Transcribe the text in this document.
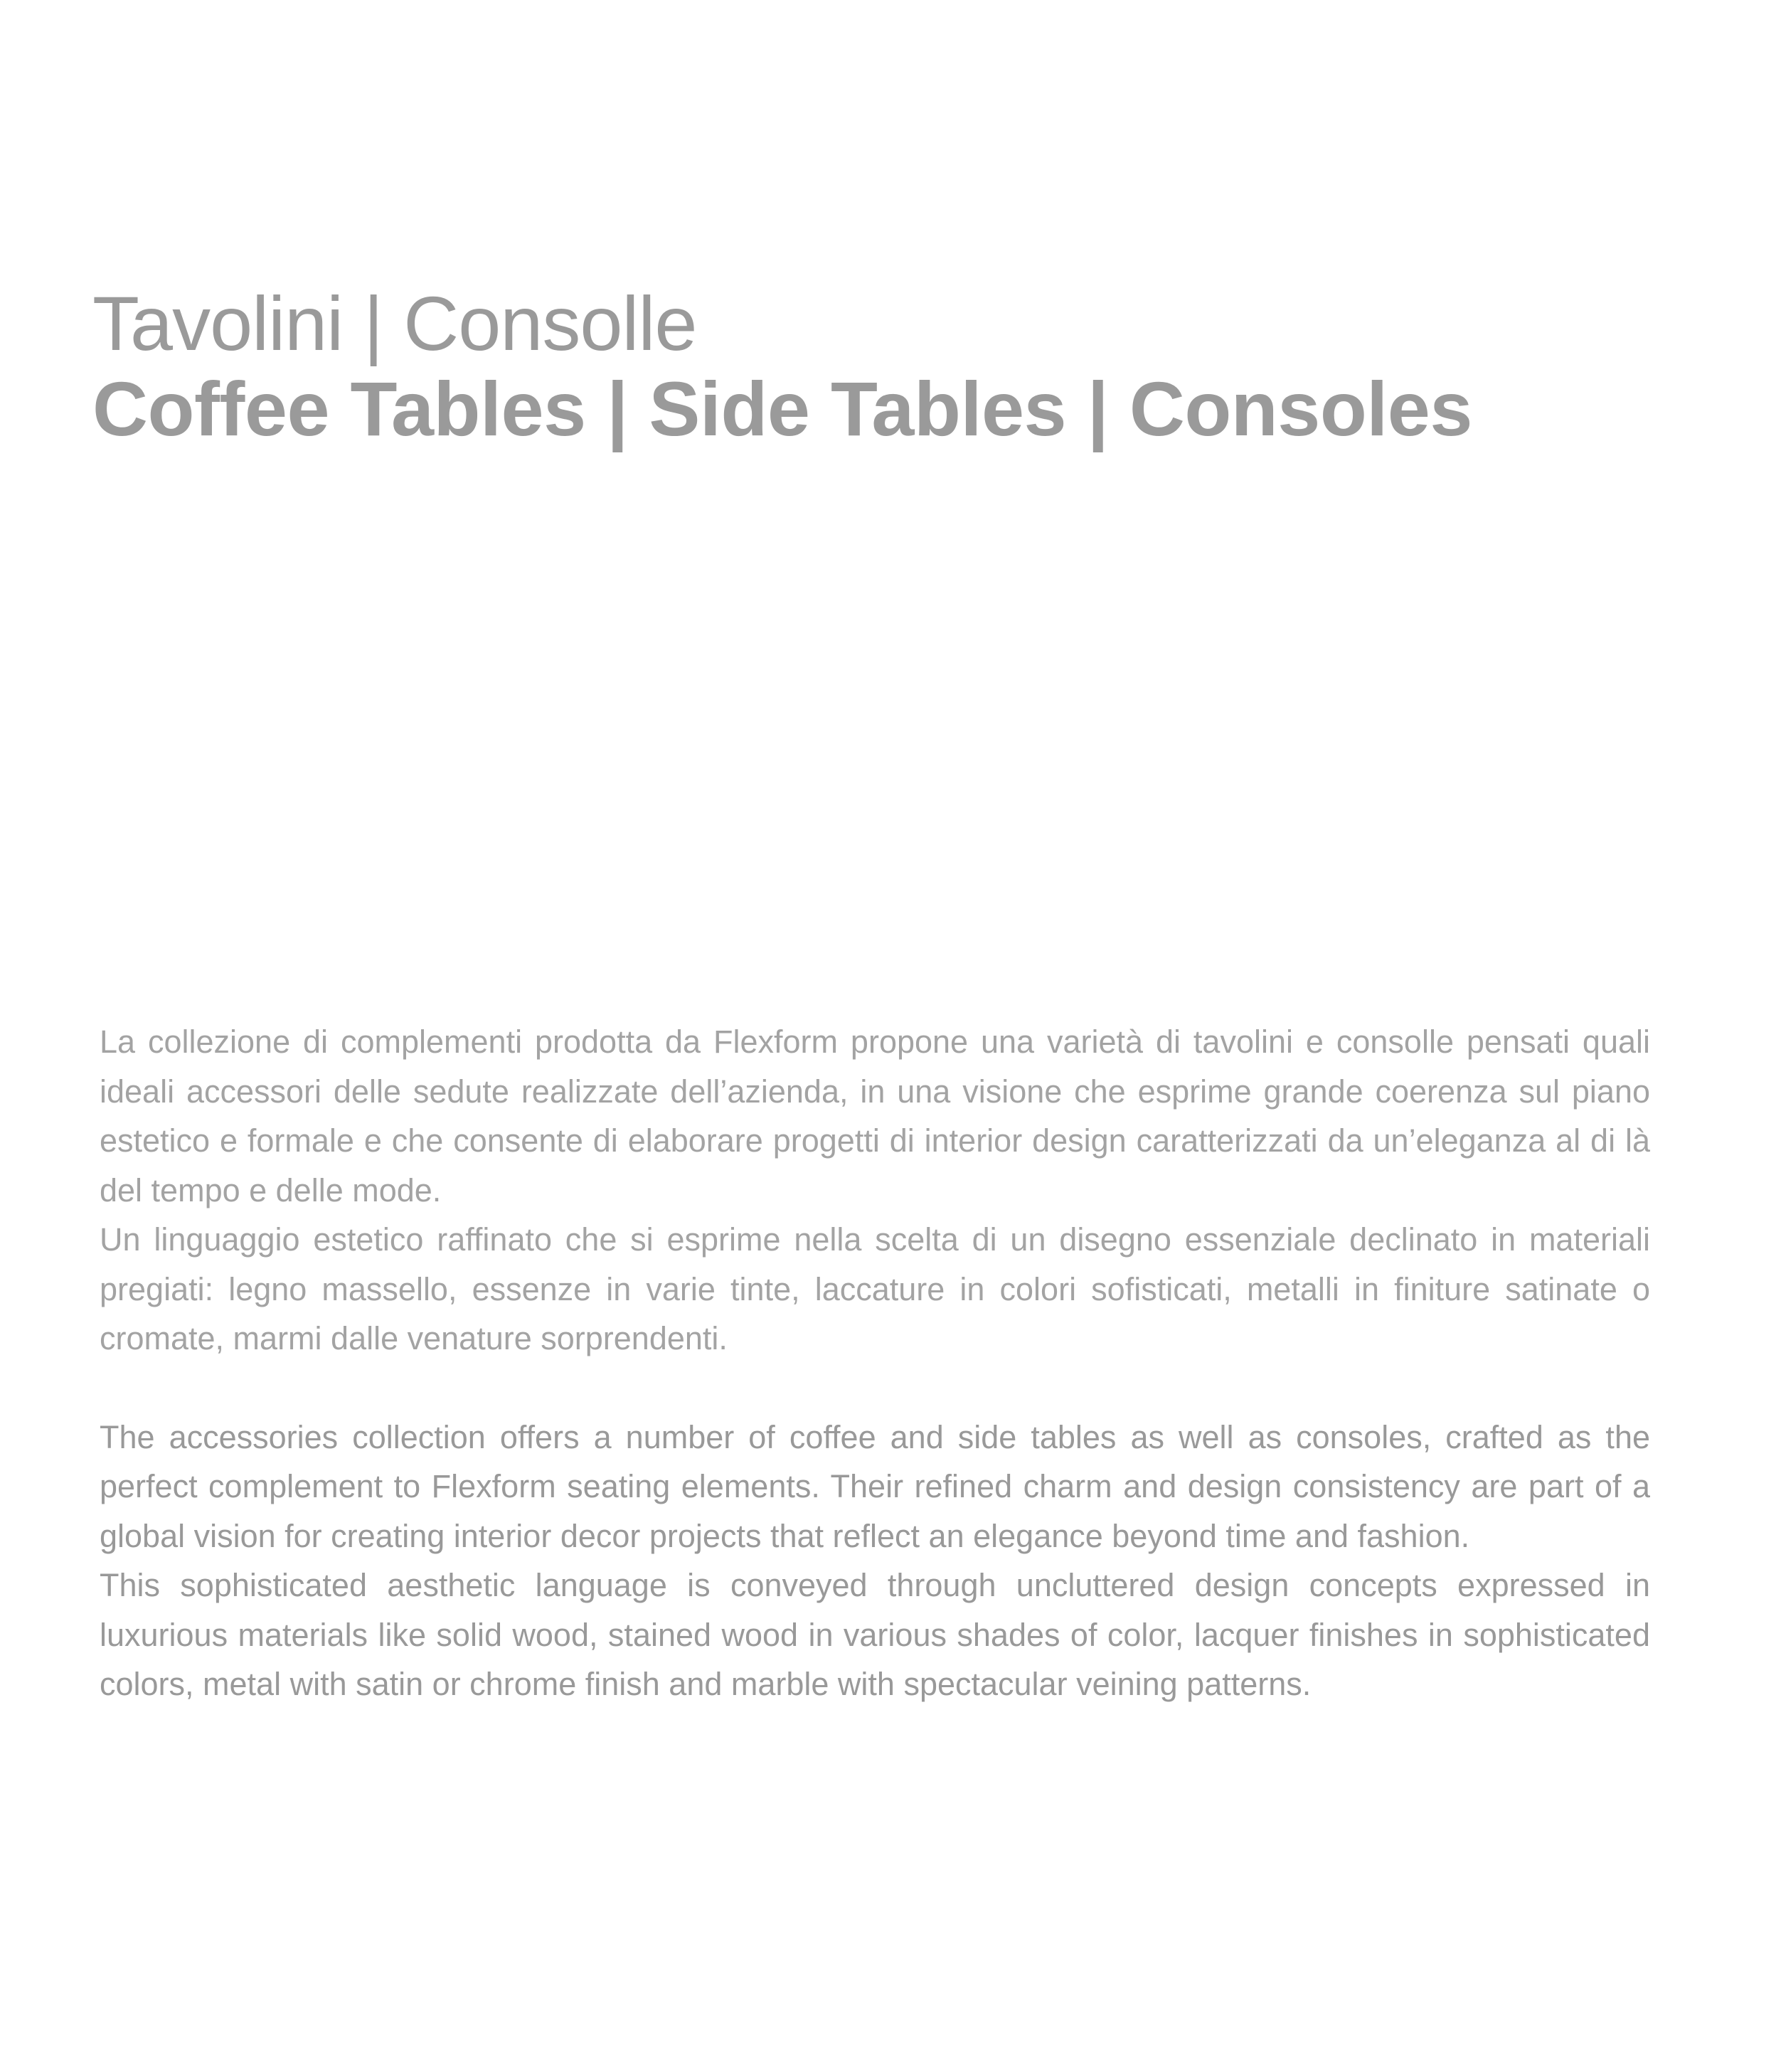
Tavolini | Consolle
Coffee Tables | Side Tables | Consoles

La collezione di complementi prodotta da Flexform propone una varietà di tavolini e consolle pensati quali ideali accessori delle sedute realizzate dell’azienda, in una visione che esprime grande coerenza sul piano estetico e formale e che consente di elaborare progetti di interior design caratterizzati da un’eleganza al di là del tempo e delle mode.

Un linguaggio estetico raffinato che si esprime nella scelta di un disegno essenziale declinato in materiali pregiati: legno massello, essenze in varie tinte, laccature in colori sofisticati, metalli in finiture satinate o cromate, marmi dalle venature sorprendenti.

The accessories collection offers a number of coffee and side tables as well as consoles, crafted as the perfect complement to Flexform seating elements. Their refined charm and design consistency are part of a global vision for creating interior decor projects that reflect an elegance beyond time and fashion.

This sophisticated aesthetic language is conveyed through uncluttered design concepts expressed in luxurious materials like solid wood, stained wood in various shades of color, lacquer finishes in sophisticated colors, metal with satin or chrome finish and marble with spectacular veining patterns.
